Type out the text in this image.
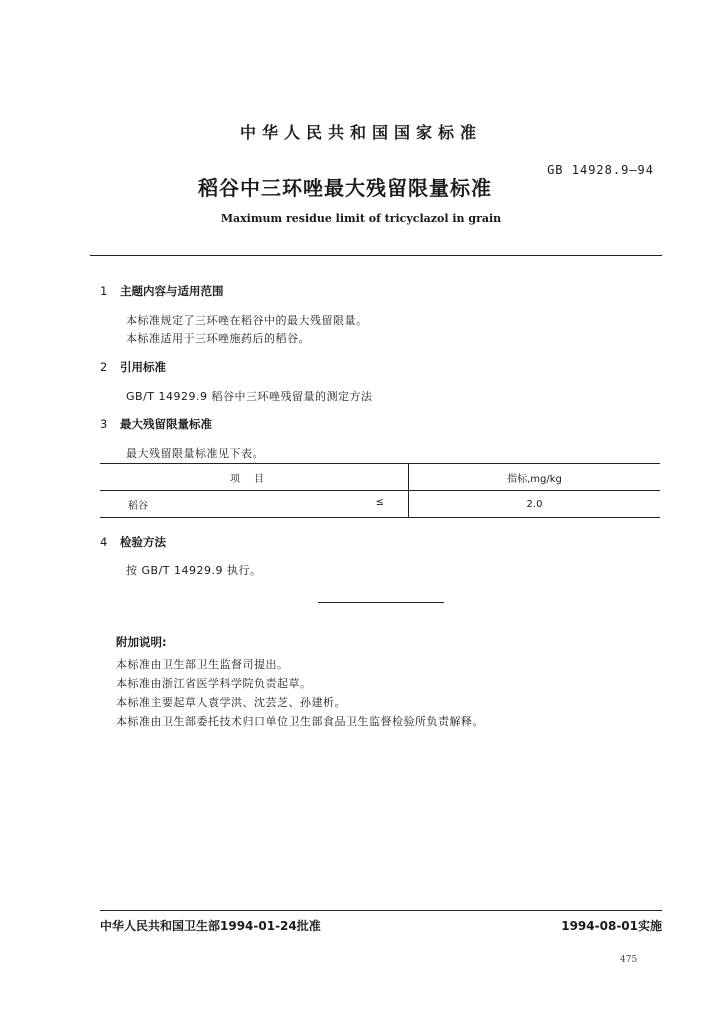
中华人民共和国国家标准
GB 14928.9—94
稻谷中三环唑最大残留限量标准
Maximum residue limit of tricyclazol in grain
1 主题内容与适用范围
本标准规定了三环唑在稻谷中的最大残留限量。
本标准适用于三环唑施药后的稻谷。
2 引用标准
GB/T 14929.9 稻谷中三环唑残留量的测定方法
3 最大残留限量标准
最大残留限量标准见下表。
项目	指标,mg/kg
稻谷 ≤	2.0
4 检验方法
按 GB/T 14929.9 执行。
附加说明:
本标准由卫生部卫生监督司提出。
本标准由浙江省医学科学院负责起草。
本标准主要起草人袁学洪、沈芸芝、孙建析。
本标准由卫生部委托技术归口单位卫生部食品卫生监督检验所负责解释。
中华人民共和国卫生部1994-01-24批准	1994-08-01实施
475
